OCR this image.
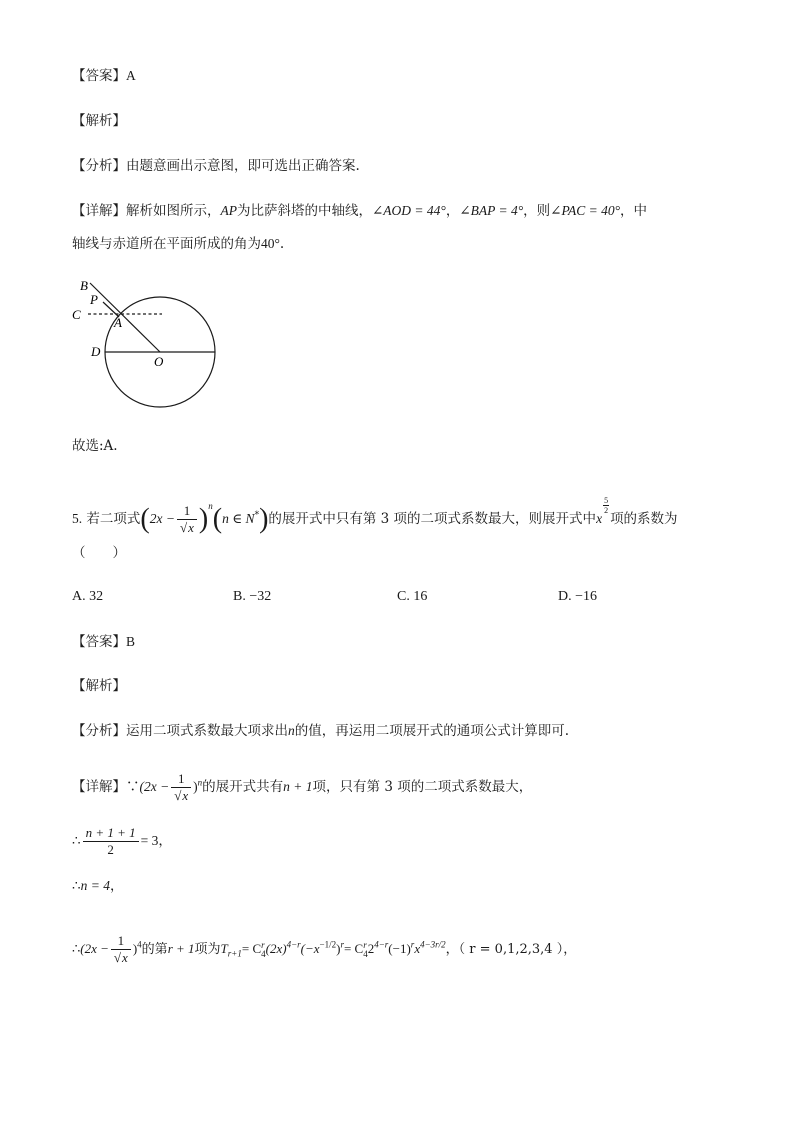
【答案】A
【解析】
【分析】由题意画出示意图，即可选出正确答案.
【详解】解析如图所示，AP为比萨斜塔的中轴线，∠AOD = 44°，∠BAP = 4°，则∠PAC = 40°，中
轴线与赤道所在平面所成的角为40°.
B
P
C
A
D
O
故选:A.
5. 若二项式$(2x - \frac{1}{√x} )^n(n$ ∈ N*)的展开式中只有第 3 项的二项式系数最大，则展开式中x
$\frac{5}{2}$
项的系数为
（　　）
A. 32	B. −32	C. 16	D. −16
【答案】B
【解析】
【分析】运用二项式系数最大项求出n的值，再运用二项展开式的通项公式计算即可.
【详解】∵(2x − $\frac{1}{√x} )^n$的展开式共有n + 1项，只有第 3 项的二项式系数最大，
∴ $\frac{n + 1 + 1}{2} = 3$，
∴n = 4，
∴(2x − $\frac{1}{√x} )^4$的第r + 1项为$T_{r+1}= C$ r
4 $(2x)^{4-r}(-x^{-1/2})^r= C$ r
4 $2^{4-r}(-1)^rx^{4-3r/2}$，（ r = 0,1,2,3,4 ），
